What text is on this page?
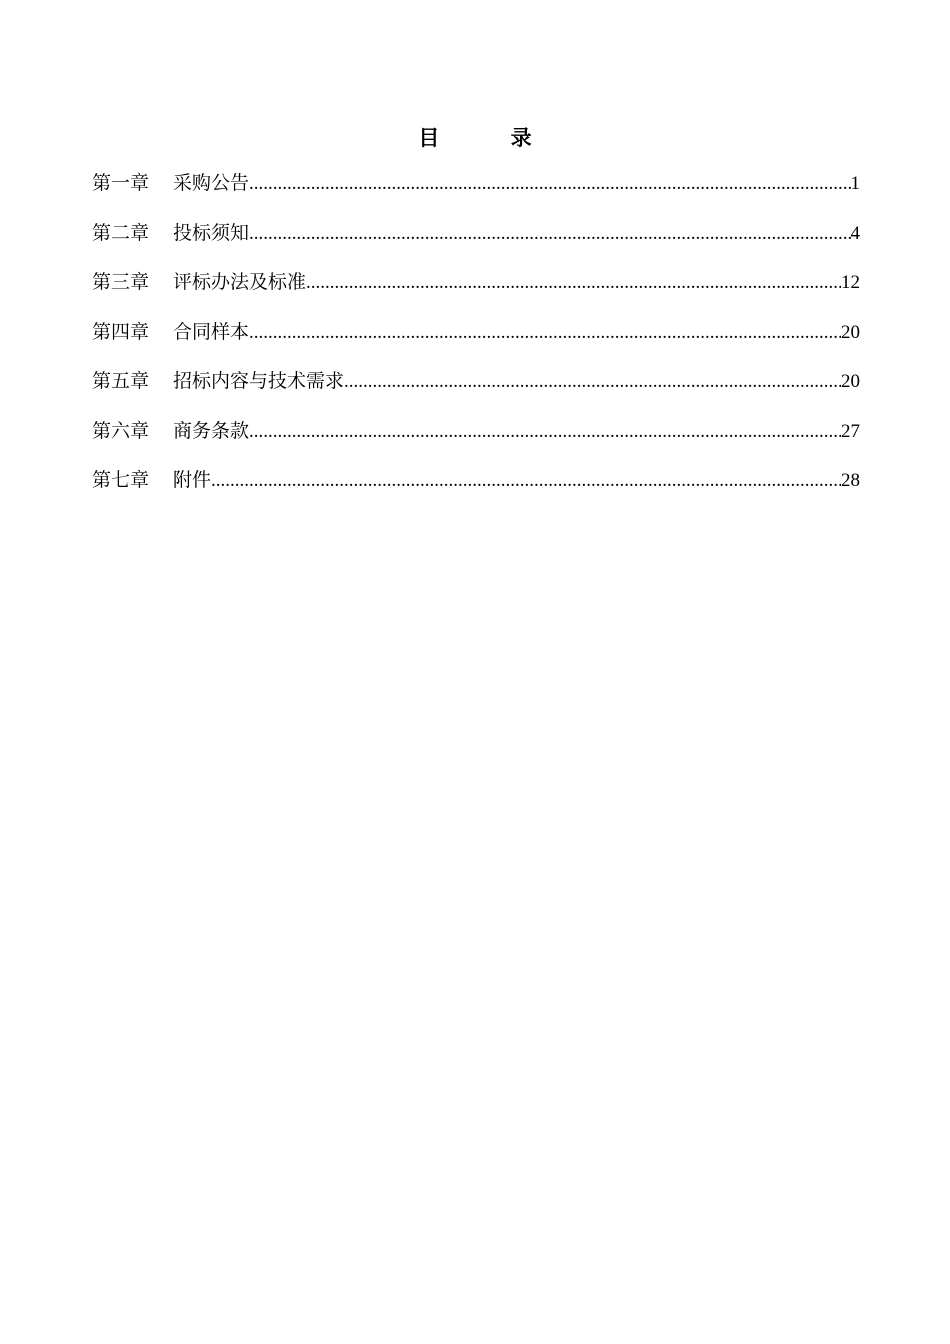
目 录
第一章 采购公告 .....	1
第二章 投标须知 .....	4
第三章 评标办法及标准 .....	12
第四章 合同样本 .....	20
第五章 招标内容与技术需求 .....	20
第六章 商务条款 .....	27
第七章 附件 .....	28
